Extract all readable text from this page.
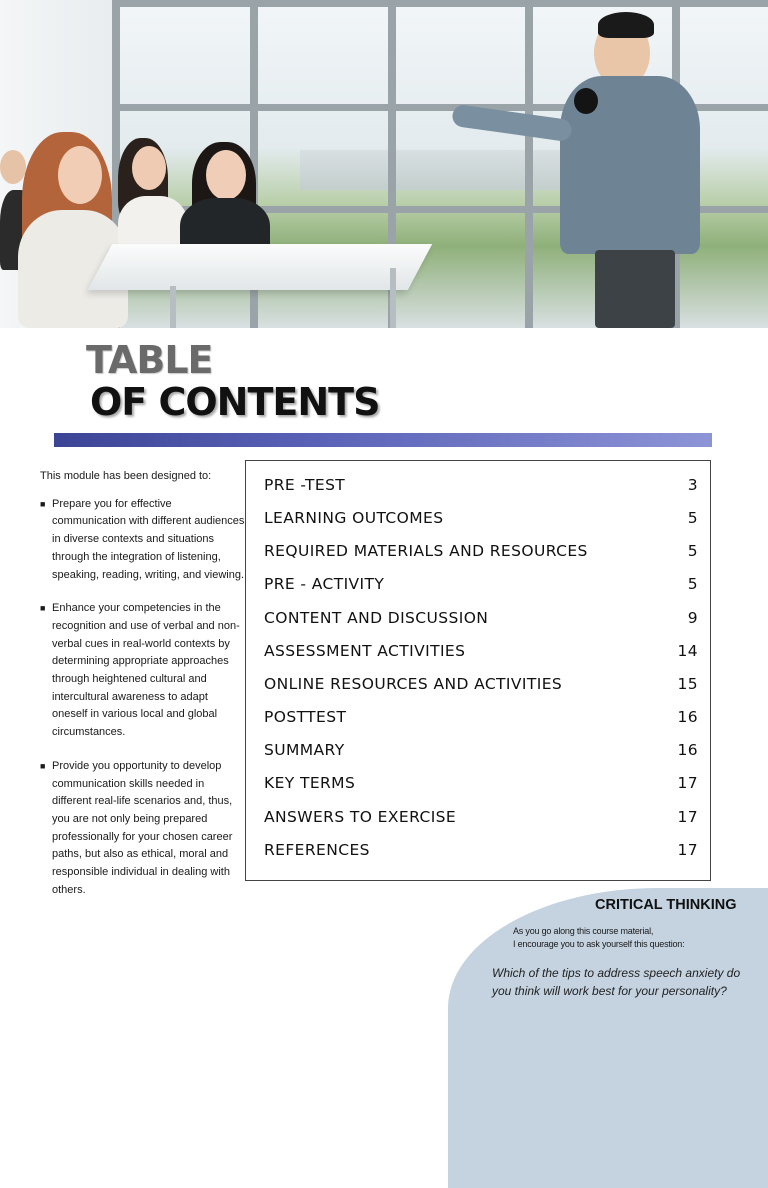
TABLE
OF CONTENTS

This module has been designed to:

■ Prepare you for effective communication with different audiences in diverse contexts and situations through the integration of listening, speaking, reading, writing, and viewing.
■ Enhance your competencies in the recognition and use of verbal and non-verbal cues in real-world contexts by determining appropriate approaches through heightened cultural and intercultural awareness to adapt oneself in various local and global circumstances.
■ Provide you opportunity to develop communication skills needed in different real-life scenarios and, thus, you are not only being prepared professionally for your chosen career paths, but also as ethical, moral and responsible individual in dealing with others.
PRE -TEST	3
LEARNING OUTCOMES	5
REQUIRED MATERIALS AND RESOURCES	5
PRE - ACTIVITY	5
CONTENT AND DISCUSSION	9
ASSESSMENT ACTIVITIES	14
ONLINE RESOURCES AND ACTIVITIES	15
POSTTEST	16
SUMMARY	16
KEY TERMS	17
ANSWERS TO EXERCISE	17
REFERENCES	17
CRITICAL THINKING
As you go along this course material,
I encourage you to ask yourself this question:
Which of the tips to address speech anxiety do you think will work best for your personality?
